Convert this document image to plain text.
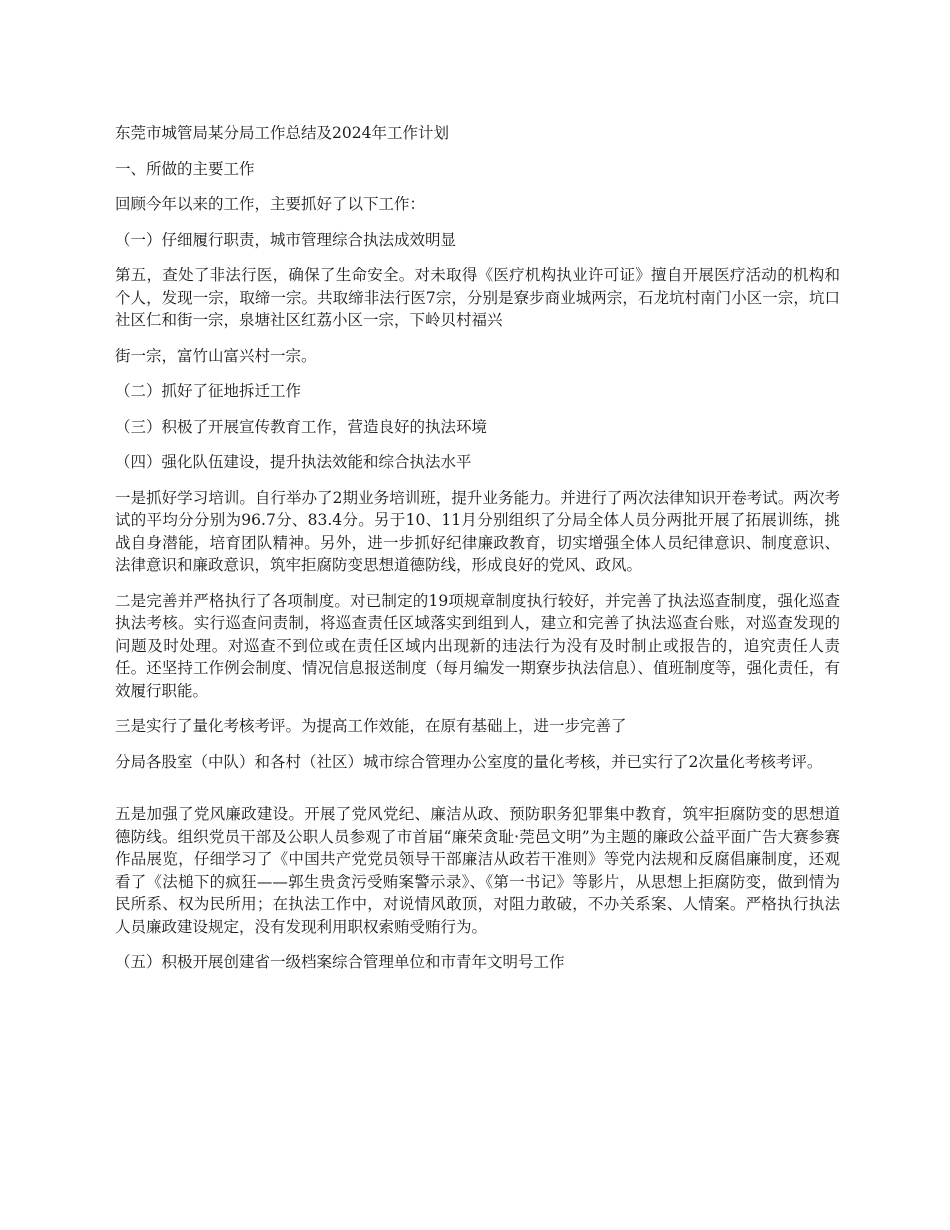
东莞市城管局某分局工作总结及2024年工作计划

一、所做的主要工作

回顾今年以来的工作，主要抓好了以下工作：

（一）仔细履行职责，城市管理综合执法成效明显

第五，查处了非法行医，确保了生命安全。对未取得《医疗机构执业许可证》擅自开展医疗活动的机构和个人，发现一宗，取缔一宗。共取缔非法行医7宗，分别是寮步商业城两宗，石龙坑村南门小区一宗，坑口社区仁和街一宗，泉塘社区红荔小区一宗，下岭贝村福兴

街一宗，富竹山富兴村一宗。

（二）抓好了征地拆迁工作

（三）积极了开展宣传教育工作，营造良好的执法环境

（四）强化队伍建设，提升执法效能和综合执法水平

一是抓好学习培训。自行举办了2期业务培训班，提升业务能力。并进行了两次法律知识开卷考试。两次考试的平均分分别为96.7分、83.4分。另于10、11月分别组织了分局全体人员分两批开展了拓展训练，挑战自身潜能，培育团队精神。另外，进一步抓好纪律廉政教育，切实增强全体人员纪律意识、制度意识、法律意识和廉政意识，筑牢拒腐防变思想道德防线，形成良好的党风、政风。

二是完善并严格执行了各项制度。对已制定的19项规章制度执行较好，并完善了执法巡查制度，强化巡查执法考核。实行巡查问责制，将巡查责任区域落实到组到人，建立和完善了执法巡查台账，对巡查发现的问题及时处理。对巡查不到位或在责任区域内出现新的违法行为没有及时制止或报告的，追究责任人责任。还坚持工作例会制度、情况信息报送制度（每月编发一期寮步执法信息）、值班制度等，强化责任，有效履行职能。

三是实行了量化考核考评。为提高工作效能，在原有基础上，进一步完善了

分局各股室（中队）和各村（社区）城市综合管理办公室度的量化考核，并已实行了2次量化考核考评。

五是加强了党风廉政建设。开展了党风党纪、廉洁从政、预防职务犯罪集中教育，筑牢拒腐防变的思想道德防线。组织党员干部及公职人员参观了市首届“廉荣贪耻·莞邑文明”为主题的廉政公益平面广告大赛参赛作品展览，仔细学习了《中国共产党党员领导干部廉洁从政若干准则》等党内法规和反腐倡廉制度，还观看了《法槌下的疯狂——郭生贵贪污受贿案警示录》、《第一书记》等影片，从思想上拒腐防变，做到情为民所系、权为民所用；在执法工作中，对说情风敢顶，对阻力敢破，不办关系案、人情案。严格执行执法人员廉政建设规定，没有发现利用职权索贿受贿行为。

（五）积极开展创建省一级档案综合管理单位和市青年文明号工作
